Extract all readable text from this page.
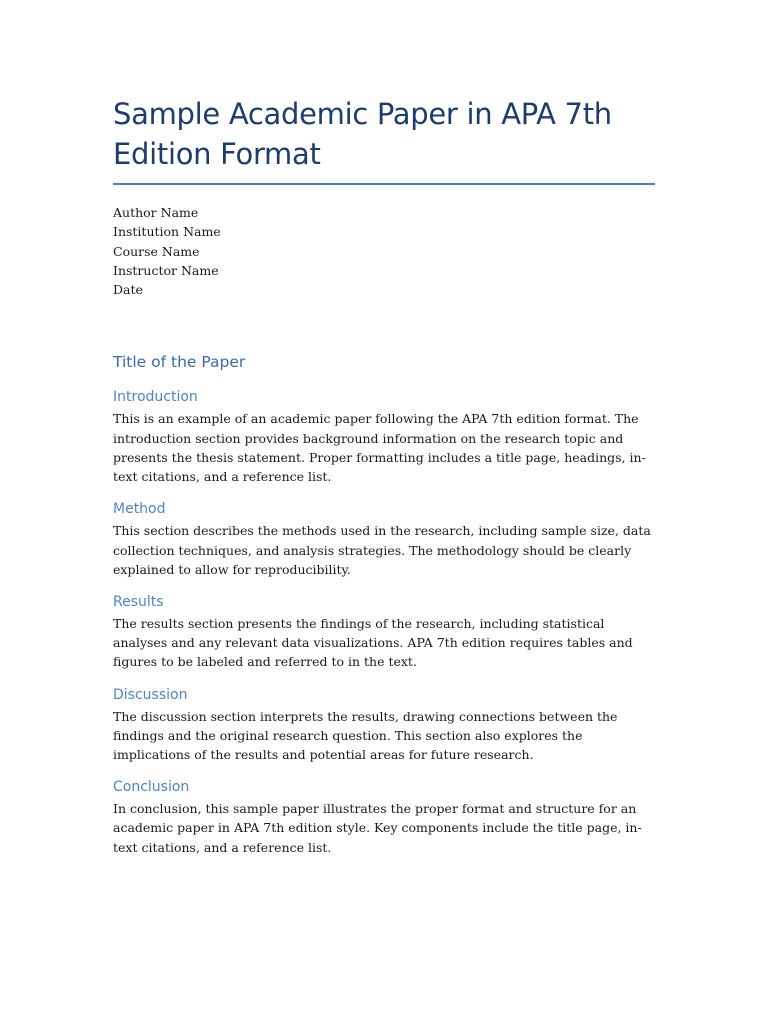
Sample Academic Paper in APA 7th Edition Format
Author Name
Institution Name
Course Name
Instructor Name
Date
Title of the Paper
Introduction

This is an example of an academic paper following the APA 7th edition format. The introduction section provides background information on the research topic and presents the thesis statement. Proper formatting includes a title page, headings, in-text citations, and a reference list.

Method

This section describes the methods used in the research, including sample size, data collection techniques, and analysis strategies. The methodology should be clearly explained to allow for reproducibility.

Results

The results section presents the findings of the research, including statistical analyses and any relevant data visualizations. APA 7th edition requires tables and figures to be labeled and referred to in the text.

Discussion

The discussion section interprets the results, drawing connections between the findings and the original research question. This section also explores the implications of the results and potential areas for future research.

Conclusion

In conclusion, this sample paper illustrates the proper format and structure for an academic paper in APA 7th edition style. Key components include the title page, in-text citations, and a reference list.
